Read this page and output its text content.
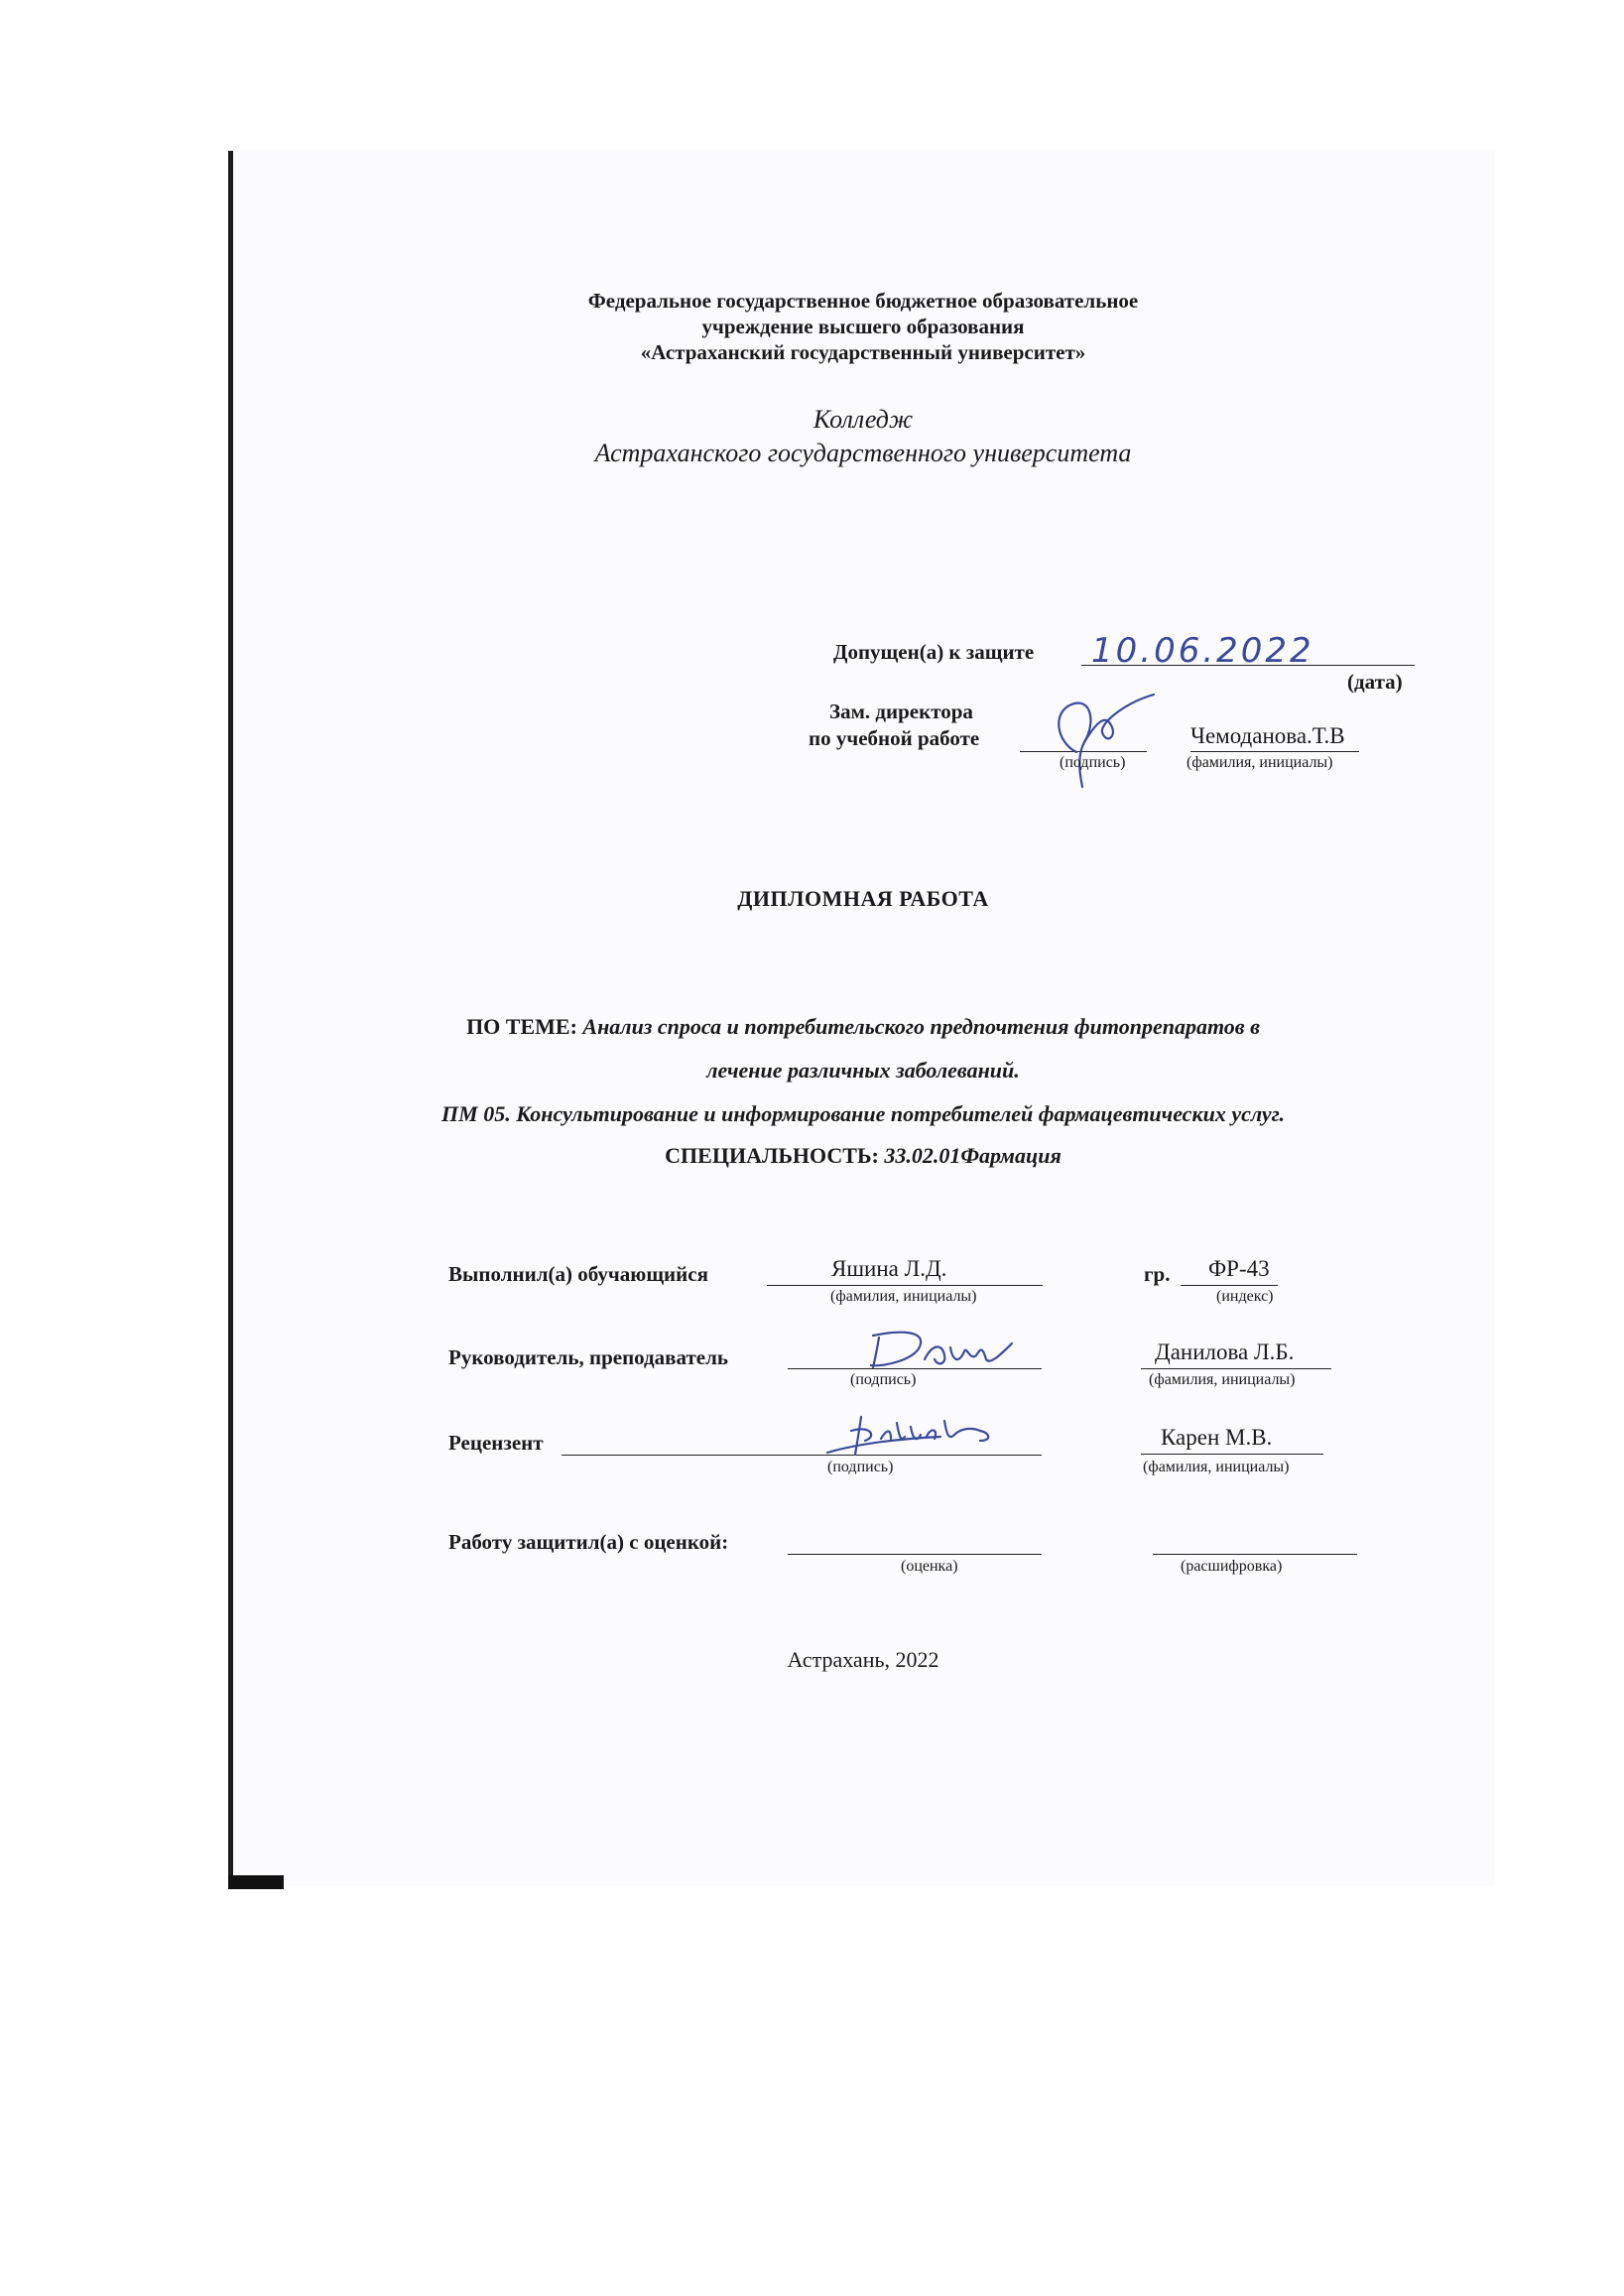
Федеральное государственное бюджетное образовательное
учреждение высшего образования
«Астраханский государственный университет»
Колледж
Астраханского государственного университета
Допущен(а) к защите 10.06.2022
(дата)
Зам. директора
по учебной работе
(подпись)
Чемоданова.Т.В
(фамилия, инициалы)
ДИПЛОМНАЯ РАБОТА
ПО ТЕМЕ: Анализ спроса и потребительского предпочтения фитопрепаратов в
лечение различных заболеваний.
ПМ 05. Консультирование и информирование потребителей фармацевтических услуг.
СПЕЦИАЛЬНОСТЬ: 33.02.01Фармация
Выполнил(а) обучающийся	Яшина Л.Д.
(фамилия, инициалы)
гр. ФР-43
(индекс)
Руководитель, преподаватель
(подпись)
Данилова Л.Б.
(фамилия, инициалы)
Рецензент
(подпись)
Карен М.В.
(фамилия, инициалы)
Работу защитил(а) с оценкой:
(оценка)	(расшифровка)
Астрахань, 2022
